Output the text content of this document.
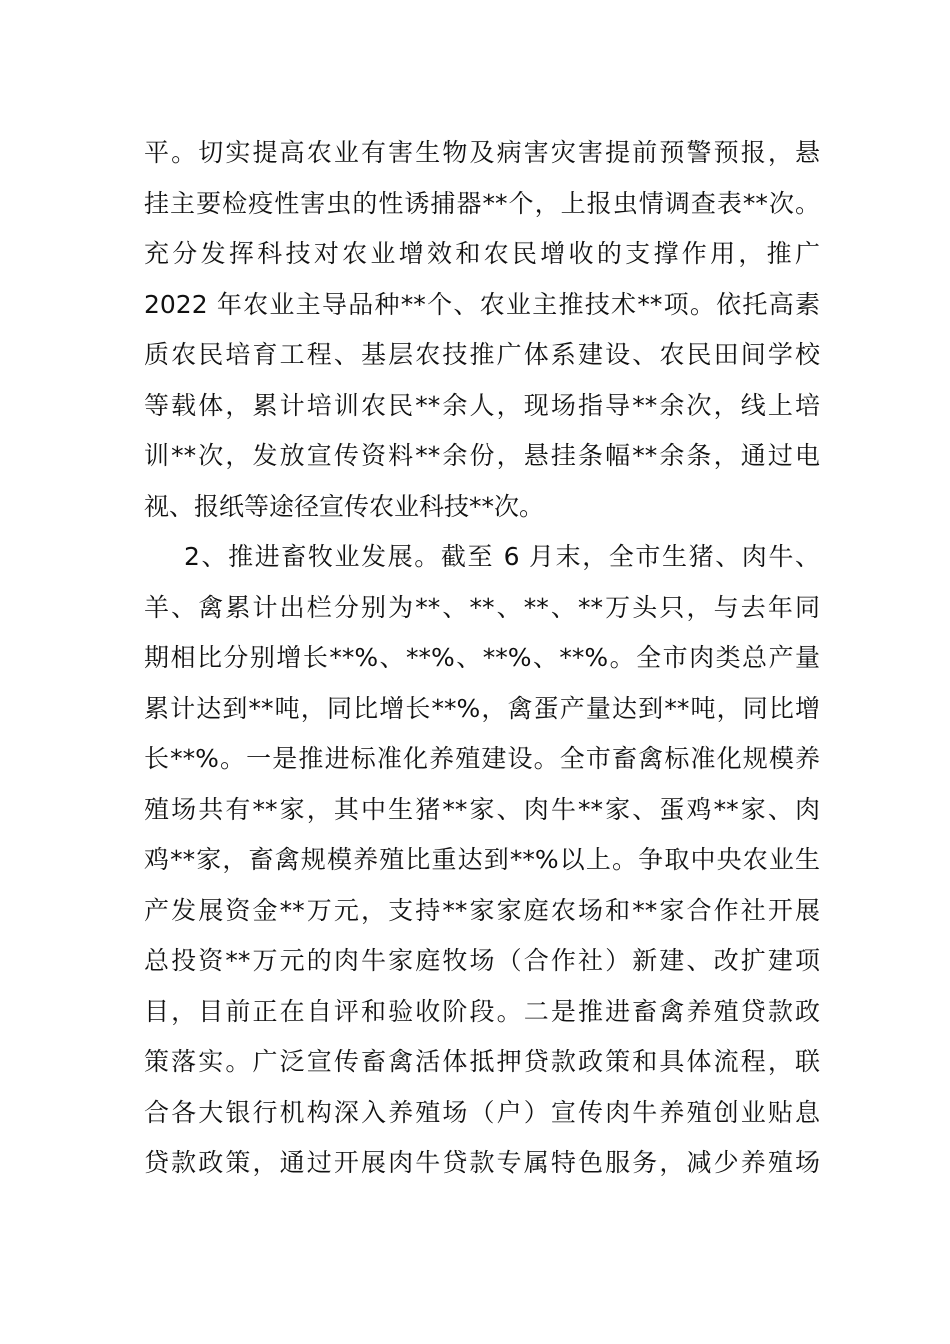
平。切实提高农业有害生物及病害灾害提前预警预报，悬
挂主要检疫性害虫的性诱捕器**个，上报虫情调查表**次。
充分发挥科技对农业增效和农民增收的支撑作用，推广
2022 年农业主导品种**个、农业主推技术**项。依托高素
质农民培育工程、基层农技推广体系建设、农民田间学校
等载体，累计培训农民**余人，现场指导**余次，线上培
训**次，发放宣传资料**余份，悬挂条幅**余条，通过电
视、报纸等途径宣传农业科技**次。
2、推进畜牧业发展。截至 6 月末，全市生猪、肉牛、
羊、禽累计出栏分别为**、**、**、**万头只，与去年同
期相比分别增长**%、**%、**%、**%。全市肉类总产量
累计达到**吨，同比增长**%，禽蛋产量达到**吨，同比增
长**%。一是推进标准化养殖建设。全市畜禽标准化规模养
殖场共有**家，其中生猪**家、肉牛**家、蛋鸡**家、肉
鸡**家，畜禽规模养殖比重达到**%以上。争取中央农业生
产发展资金**万元，支持**家家庭农场和**家合作社开展
总投资**万元的肉牛家庭牧场（合作社）新建、改扩建项
目，目前正在自评和验收阶段。二是推进畜禽养殖贷款政
策落实。广泛宣传畜禽活体抵押贷款政策和具体流程，联
合各大银行机构深入养殖场（户）宣传肉牛养殖创业贴息
贷款政策，通过开展肉牛贷款专属特色服务，减少养殖场
